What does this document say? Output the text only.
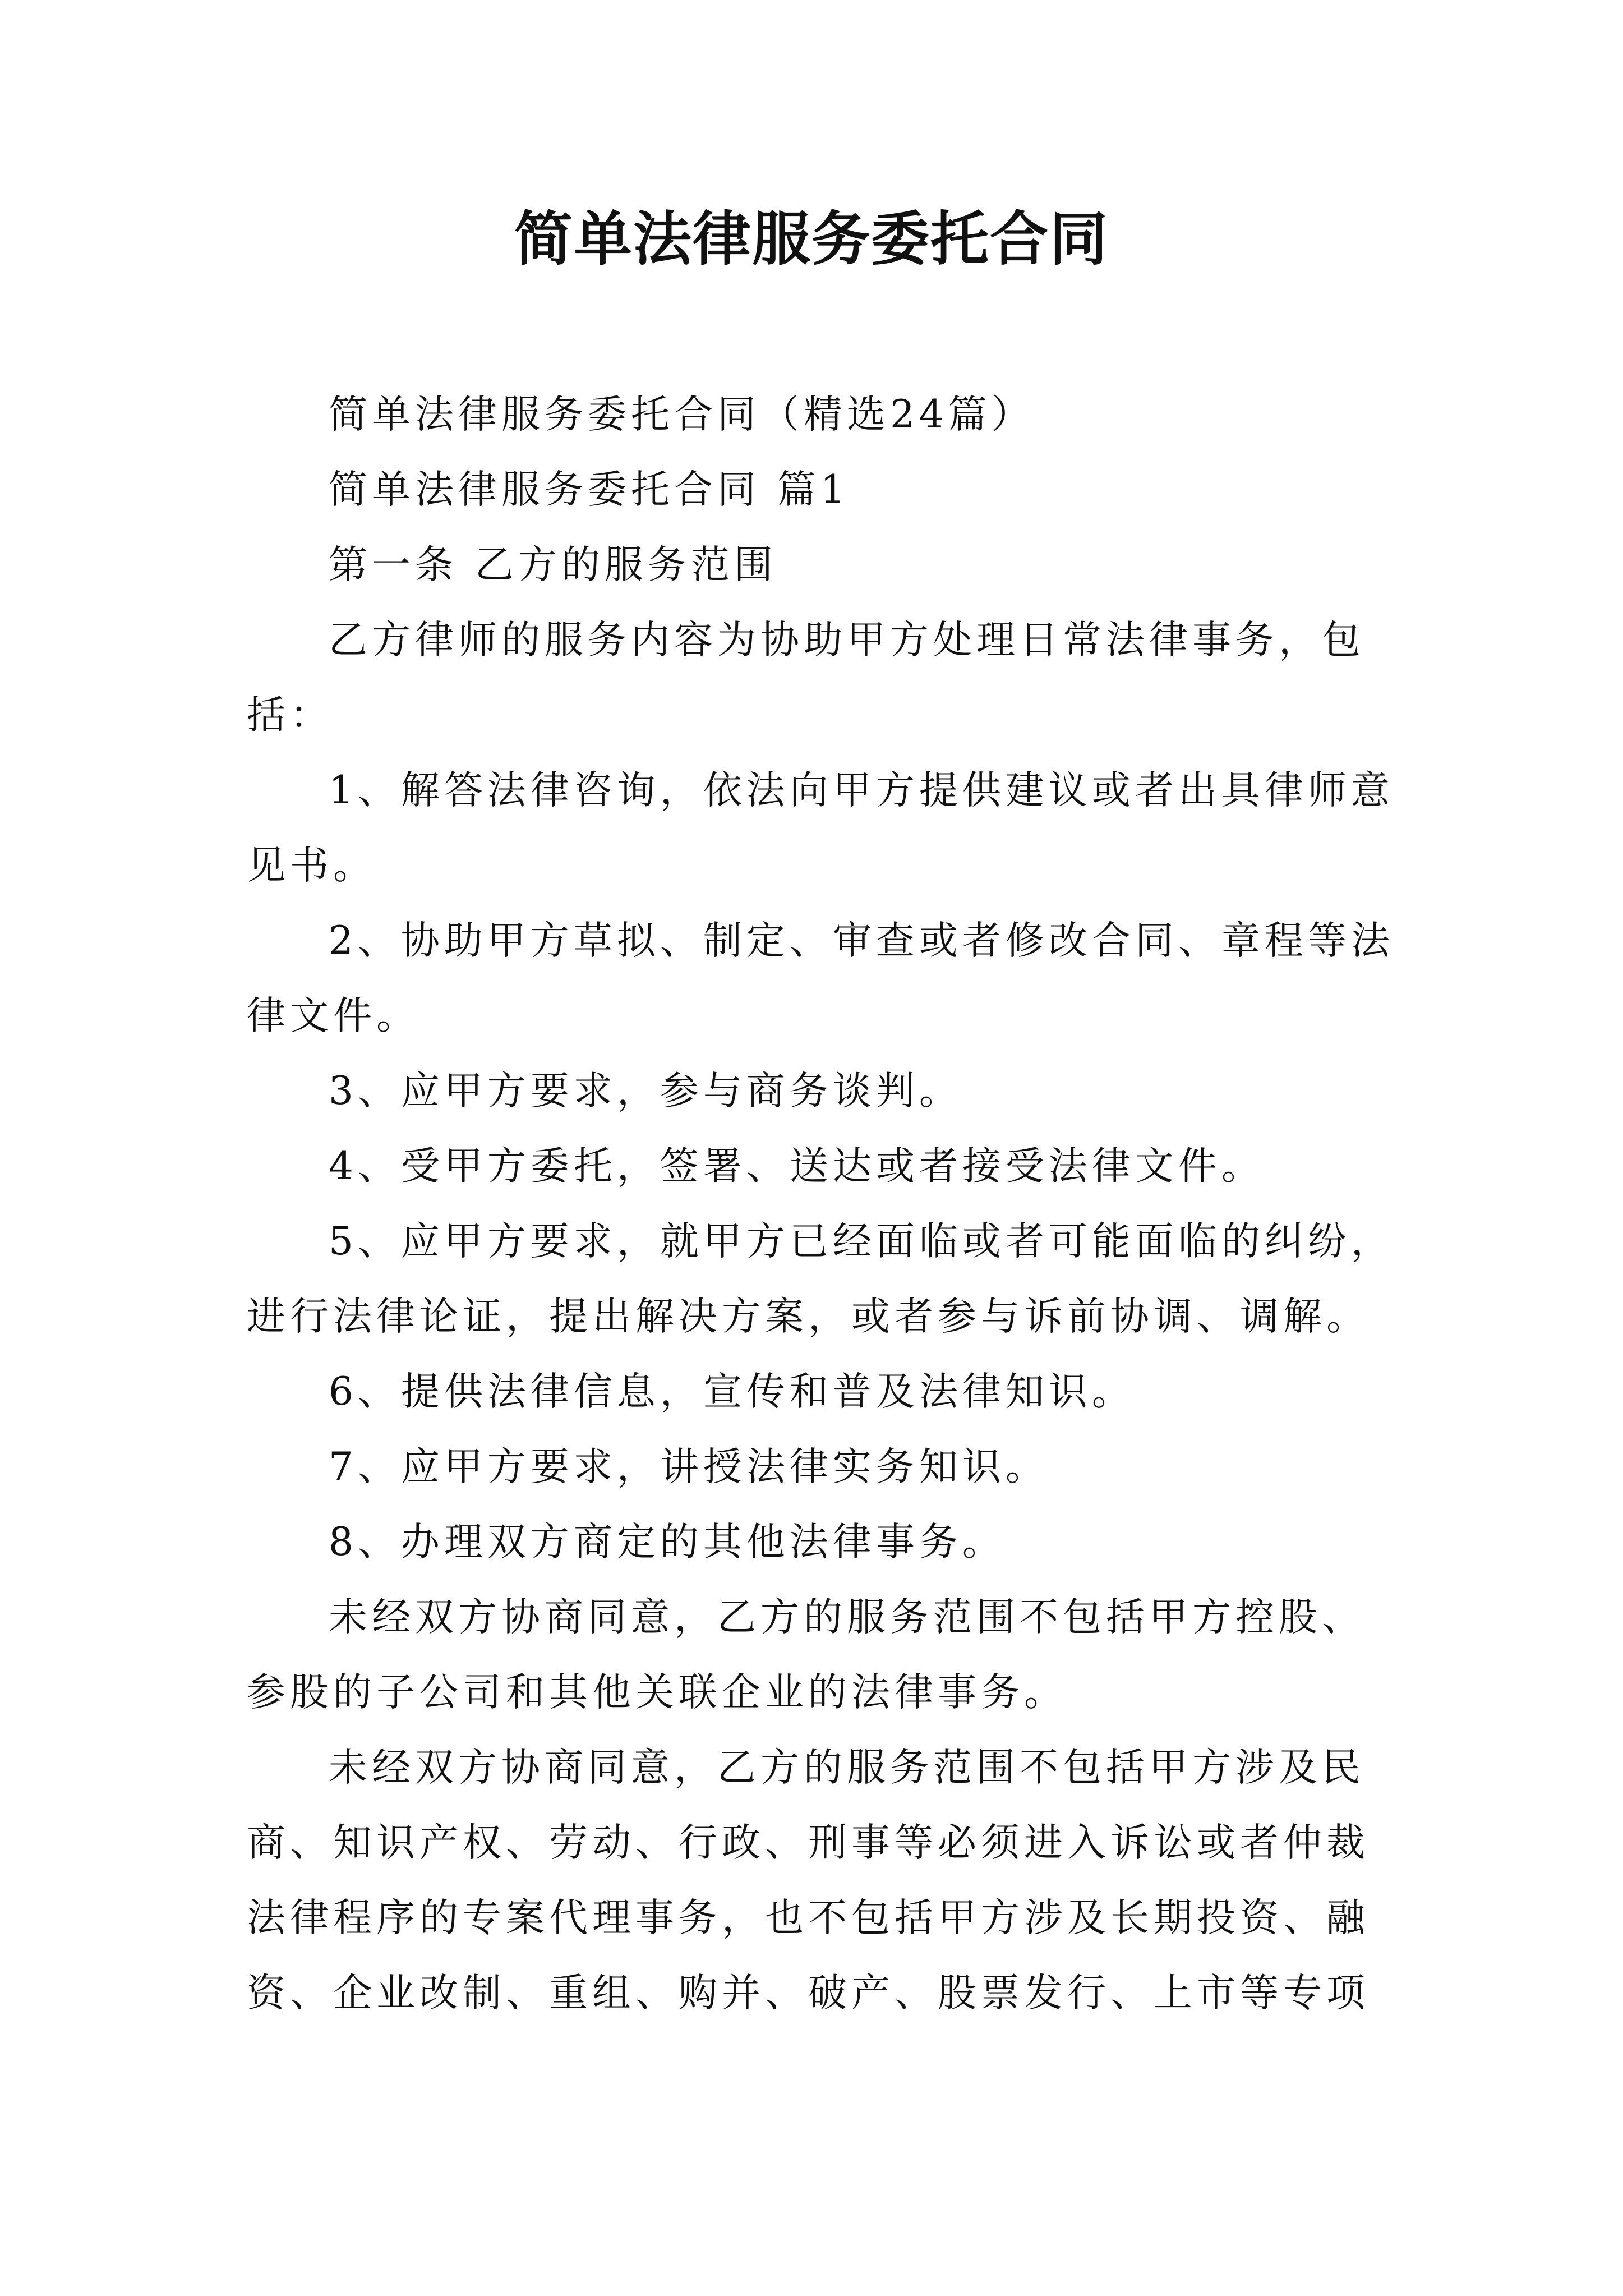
简单法律服务委托合同

简单法律服务委托合同（精选24篇）

简单法律服务委托合同 篇1

第一条 乙方的服务范围

乙方律师的服务内容为协助甲方处理日常法律事务，包括：

1、解答法律咨询，依法向甲方提供建议或者出具律师意见书。

2、协助甲方草拟、制定、审查或者修改合同、章程等法律文件。

3、应甲方要求，参与商务谈判。

4、受甲方委托，签署、送达或者接受法律文件。

5、应甲方要求，就甲方已经面临或者可能面临的纠纷，进行法律论证，提出解决方案，或者参与诉前协调、调解。

6、提供法律信息，宣传和普及法律知识。

7、应甲方要求，讲授法律实务知识。

8、办理双方商定的其他法律事务。

未经双方协商同意，乙方的服务范围不包括甲方控股、参股的子公司和其他关联企业的法律事务。

未经双方协商同意，乙方的服务范围不包括甲方涉及民商、知识产权、劳动、行政、刑事等必须进入诉讼或者仲裁法律程序的专案代理事务，也不包括甲方涉及长期投资、融资、企业改制、重组、购并、破产、股票发行、上市等专项
